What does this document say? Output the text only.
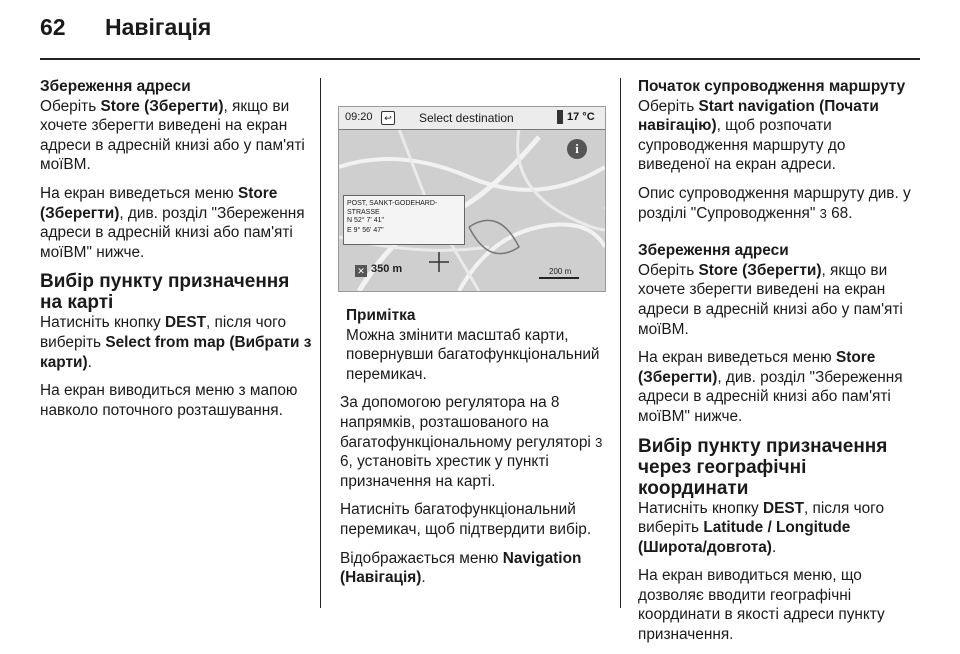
62 Навігація
Збереження адреси

Оберіть Store (Зберегти), якщо ви хочете зберегти виведені на екран адреси в адресній книзі або у пам'яті моїВМ.

На екран виведеться меню Store (Зберегти), див. розділ "Збереження адреси в адресній книзі або пам'яті моїВМ" нижче.

Вибір пункту призначення на карті

Натисніть кнопку DEST, після чого виберіть Select from map (Вибрати з карти).

На екран виводиться меню з мапою навколо поточного розташування.

09:20	↩ Select destination	17 °C
i
POST, SANKT-GODEHARD-STRASSE
N 52° 7' 41"
E 9° 56' 47"
✕ 350 m	200 m
Примітка
Можна змінити масштаб карти, повернувши багатофункціональний перемикач.

За допомогою регулятора на 8 напрямків, розташованого на багатофункціональному регуляторі 3 6, установіть хрестик у пункті призначення на карті.

Натисніть багатофункціональний перемикач, щоб підтвердити вибір.

Відображається меню Navigation (Навігація).

Початок супроводження маршруту

Оберіть Start navigation (Почати навігацію), щоб розпочати супроводження маршруту до виведеної на екран адреси.

Опис супроводження маршруту див. у розділі "Супроводження" 3 68.

Збереження адреси

Оберіть Store (Зберегти), якщо ви хочете зберегти виведені на екран адреси в адресній книзі або у пам'яті моїВМ.

На екран виведеться меню Store (Зберегти), див. розділ "Збереження адреси в адресній книзі або пам'яті моїВМ" нижче.

Вибір пункту призначення через географічні координати

Натисніть кнопку DEST, після чого виберіть Latitude / Longitude (Широта/довгота).

На екран виводиться меню, що дозволяє вводити географічні координати в якості адреси пункту призначення.
